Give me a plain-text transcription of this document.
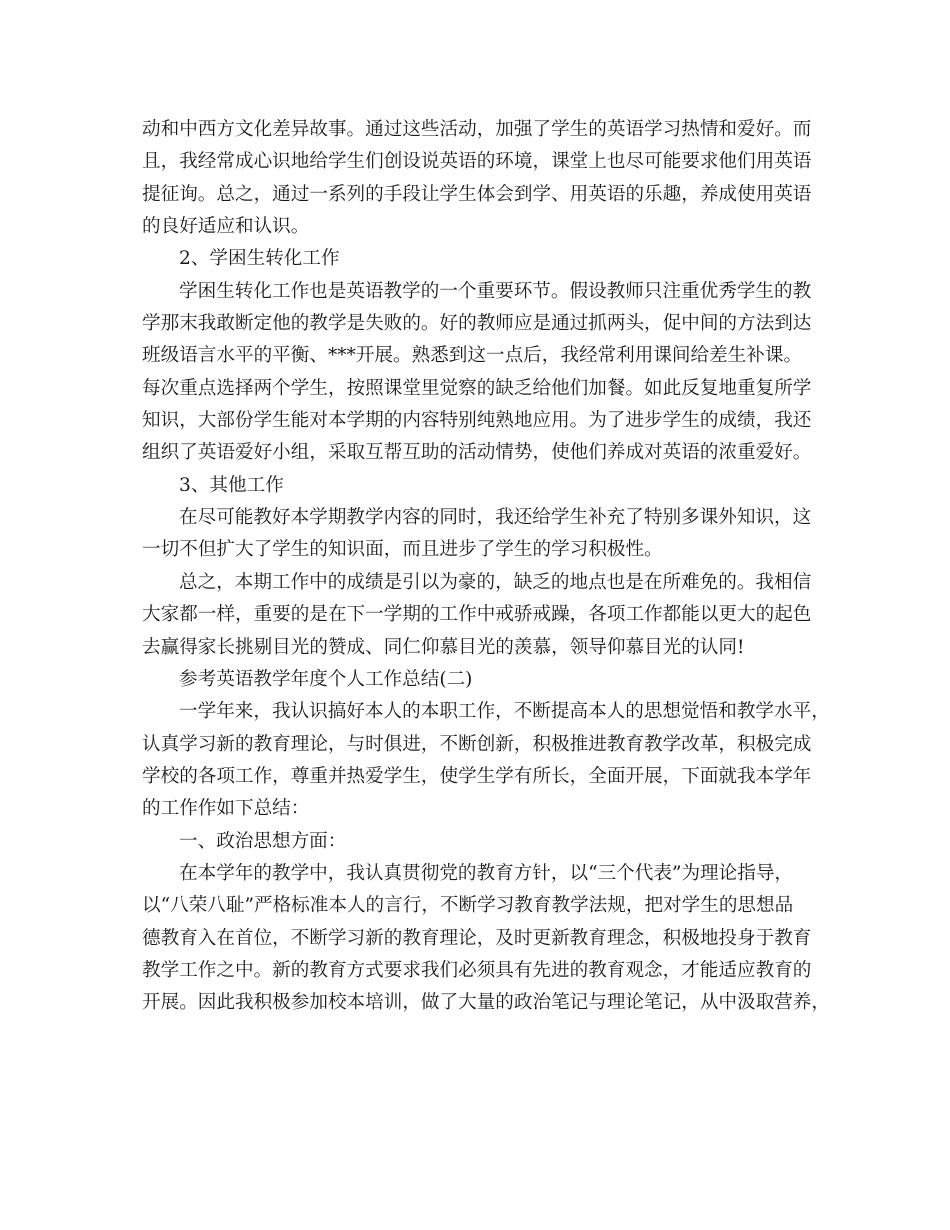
动和中西方文化差异故事。通过这些活动，加强了学生的英语学习热情和爱好。而
且，我经常成心识地给学生们创设说英语的环境，课堂上也尽可能要求他们用英语
提征询。总之，通过一系列的手段让学生体会到学、用英语的乐趣，养成使用英语
的良好适应和认识。
2、学困生转化工作
学困生转化工作也是英语教学的一个重要环节。假设教师只注重优秀学生的教
学那末我敢断定他的教学是失败的。好的教师应是通过抓两头，促中间的方法到达
班级语言水平的平衡、***开展。熟悉到这一点后，我经常利用课间给差生补课。
每次重点选择两个学生，按照课堂里觉察的缺乏给他们加餐。如此反复地重复所学
知识，大部份学生能对本学期的内容特别纯熟地应用。为了进步学生的成绩，我还
组织了英语爱好小组，采取互帮互助的活动情势，使他们养成对英语的浓重爱好。
3、其他工作
在尽可能教好本学期教学内容的同时，我还给学生补充了特别多课外知识，这
一切不但扩大了学生的知识面，而且进步了学生的学习积极性。
总之，本期工作中的成绩是引以为豪的，缺乏的地点也是在所难免的。我相信
大家都一样，重要的是在下一学期的工作中戒骄戒躁，各项工作都能以更大的起色
去赢得家长挑剔目光的赞成、同仁仰慕目光的羡慕，领导仰慕目光的认同!
参考英语教学年度个人工作总结(二)
一学年来，我认识搞好本人的本职工作，不断提高本人的思想觉悟和教学水平，
认真学习新的教育理论，与时俱进，不断创新，积极推进教育教学改革，积极完成
学校的各项工作，尊重并热爱学生，使学生学有所长，全面开展，下面就我本学年
的工作作如下总结：
一、政治思想方面：
在本学年的教学中，我认真贯彻党的教育方针，以“三个代表”为理论指导，
以“八荣八耻”严格标准本人的言行，不断学习教育教学法规，把对学生的思想品
德教育入在首位，不断学习新的教育理论，及时更新教育理念，积极地投身于教育
教学工作之中。新的教育方式要求我们必须具有先进的教育观念，才能适应教育的
开展。因此我积极参加校本培训，做了大量的政治笔记与理论笔记，从中汲取营养，
